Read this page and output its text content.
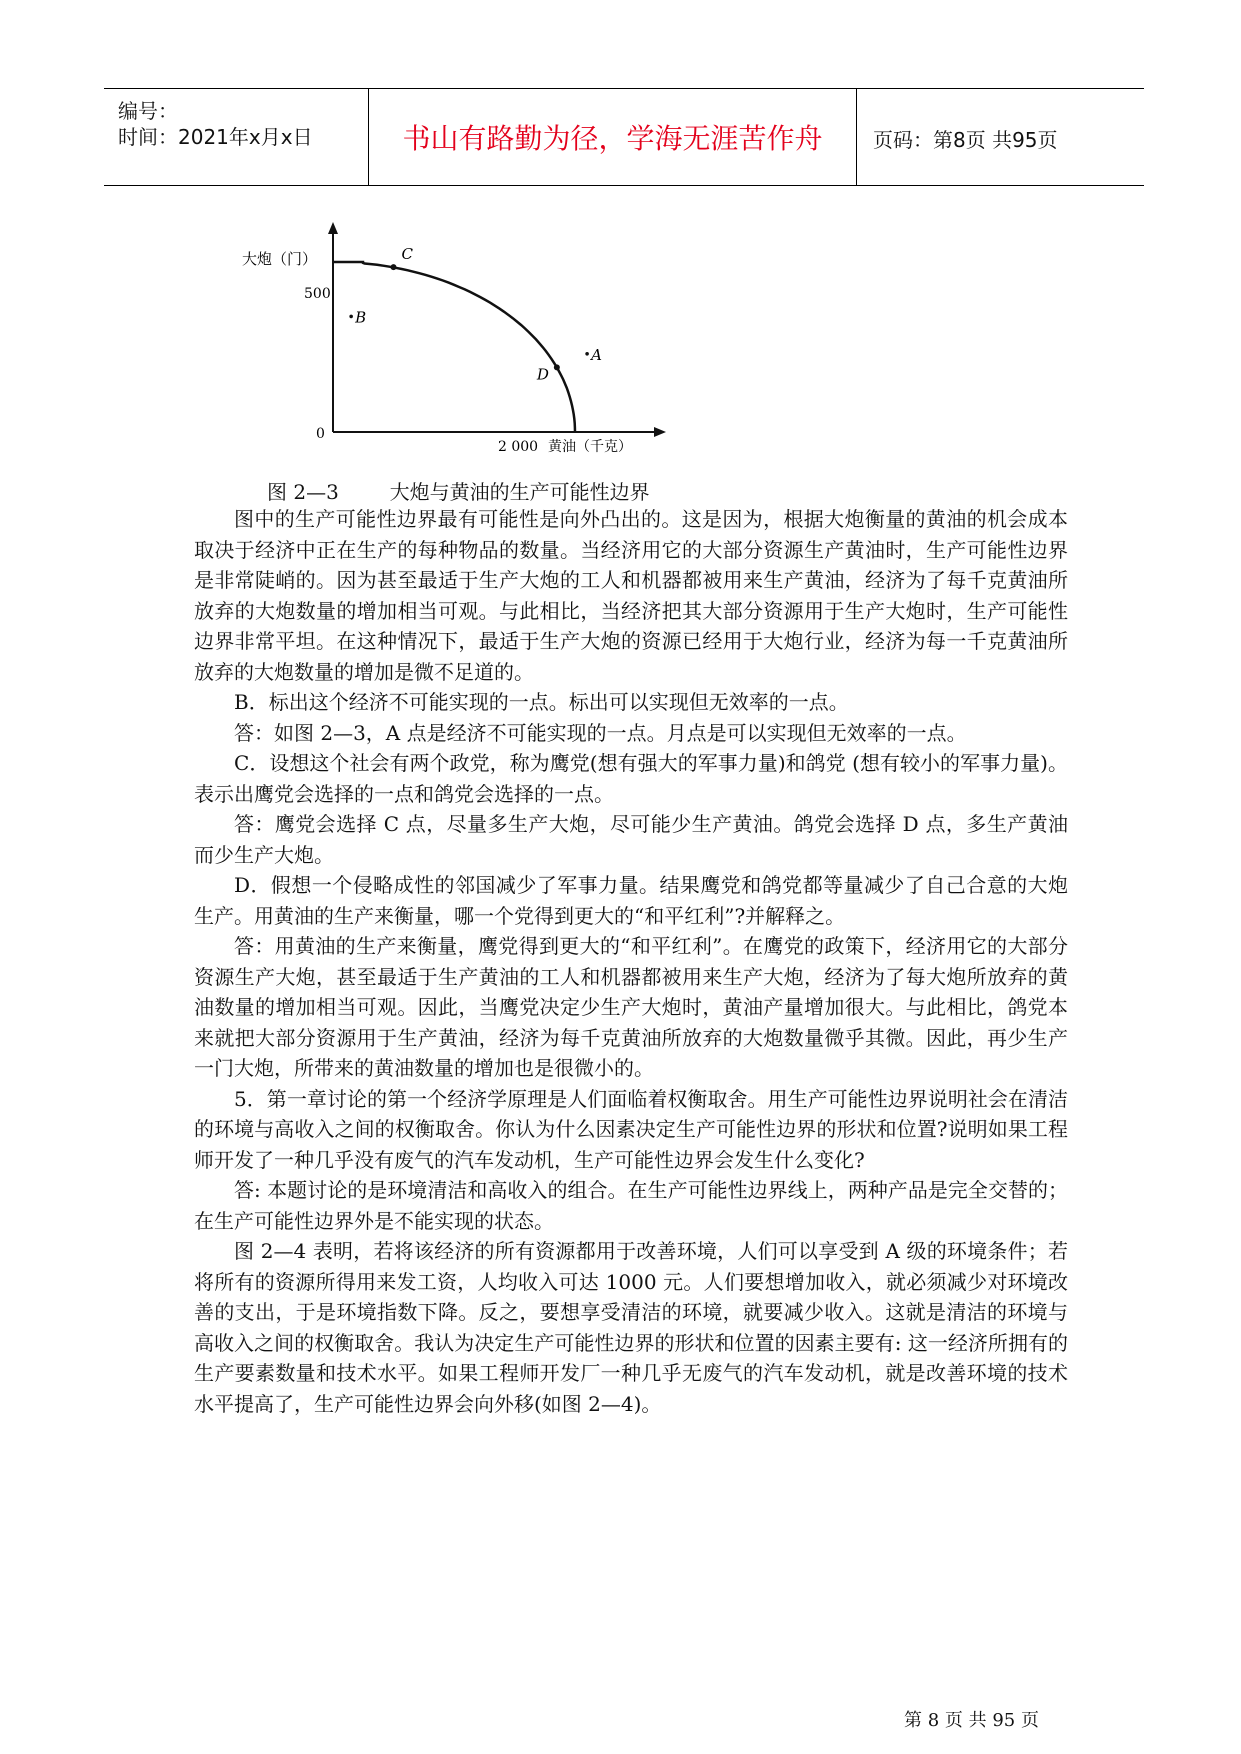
编号：
时间：2021年x月x日	书山有路勤为径，学海无涯苦作舟	页码：第8页 共95页
大炮（门）
500
0
2 000 黄油（千克）
C
D
B
A
图 2—3        大炮与黄油的生产可能性边界

图中的生产可能性边界最有可能性是向外凸出的。这是因为，根据大炮衡量的黄油的机会成本取决于经济中正在生产的每种物品的数量。当经济用它的大部分资源生产黄油时，生产可能性边界是非常陡峭的。因为甚至最适于生产大炮的工人和机器都被用来生产黄油，经济为了每千克黄油所放弃的大炮数量的增加相当可观。与此相比，当经济把其大部分资源用于生产大炮时，生产可能性边界非常平坦。在这种情况下，最适于生产大炮的资源已经用于大炮行业，经济为每一千克黄油所放弃的大炮数量的增加是微不足道的。

B．标出这个经济不可能实现的一点。标出可以实现但无效率的一点。

答：如图 2—3，A 点是经济不可能实现的一点。月点是可以实现但无效率的一点。

C．设想这个社会有两个政党，称为鹰党(想有强大的军事力量)和鸽党 (想有较小的军事力量)。表示出鹰党会选择的一点和鸽党会选择的一点。

答：鹰党会选择 C 点，尽量多生产大炮，尽可能少生产黄油。鸽党会选择 D 点，多生产黄油而少生产大炮。

D．假想一个侵略成性的邻国减少了军事力量。结果鹰党和鸽党都等量减少了自己合意的大炮生产。用黄油的生产来衡量，哪一个党得到更大的“和平红利”?并解释之。

答：用黄油的生产来衡量，鹰党得到更大的“和平红利”。在鹰党的政策下，经济用它的大部分资源生产大炮，甚至最适于生产黄油的工人和机器都被用来生产大炮，经济为了每大炮所放弃的黄油数量的增加相当可观。因此，当鹰党决定少生产大炮时，黄油产量增加很大。与此相比，鸽党本来就把大部分资源用于生产黄油，经济为每千克黄油所放弃的大炮数量微乎其微。因此，再少生产一门大炮，所带来的黄油数量的增加也是很微小的。

5．第一章讨论的第一个经济学原理是人们面临着权衡取舍。用生产可能性边界说明社会在清洁的环境与高收入之间的权衡取舍。你认为什么因素决定生产可能性边界的形状和位置?说明如果工程师开发了一种几乎没有废气的汽车发动机，生产可能性边界会发生什么变化?

答: 本题讨论的是环境清洁和高收入的组合。在生产可能性边界线上，两种产品是完全交替的；在生产可能性边界外是不能实现的状态。

图 2—4 表明，若将该经济的所有资源都用于改善环境，人们可以享受到 A 级的环境条件；若将所有的资源所得用来发工资，人均收入可达 1000 元。人们要想增加收入，就必须减少对环境改善的支出，于是环境指数下降。反之，要想享受清洁的环境，就要减少收入。这就是清洁的环境与高收入之间的权衡取舍。我认为决定生产可能性边界的形状和位置的因素主要有: 这一经济所拥有的生产要素数量和技术水平。如果工程师开发厂一种几乎无废气的汽车发动机，就是改善环境的技术水平提高了，生产可能性边界会向外移(如图 2—4)。

第 8 页 共 95 页
